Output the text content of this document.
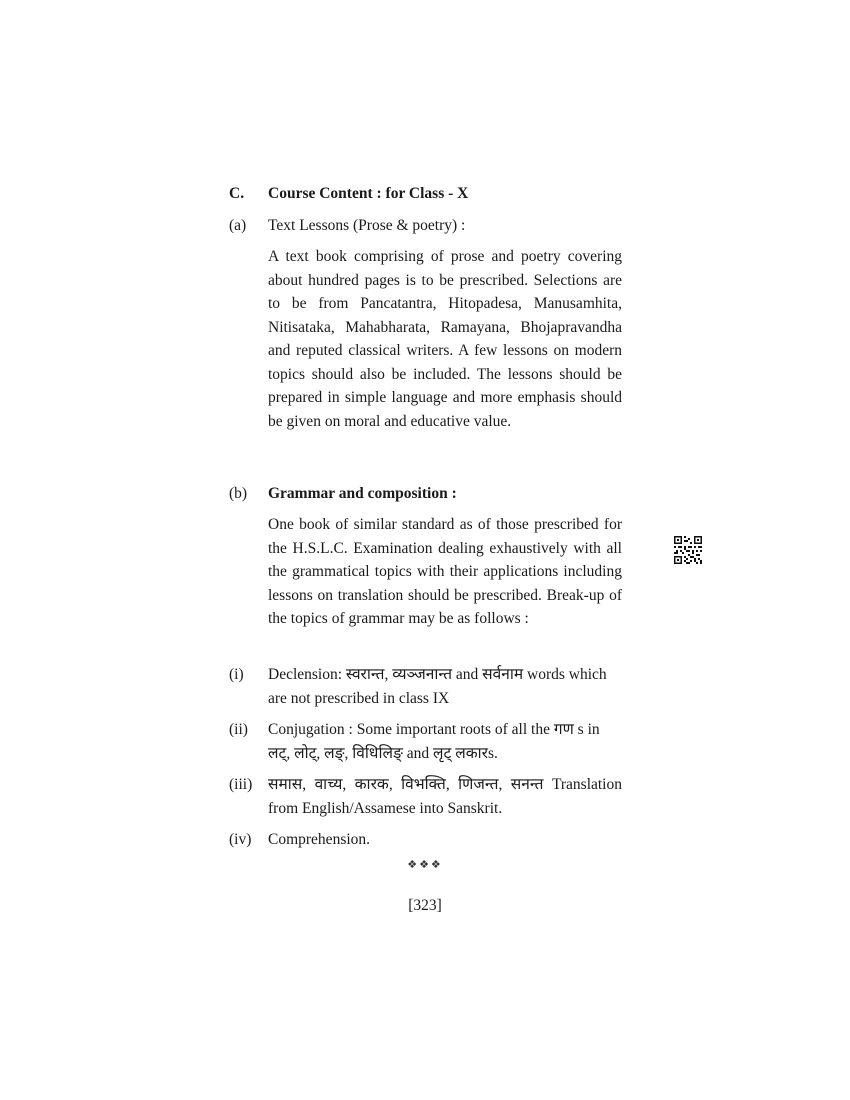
C.	Course Content : for Class - X
(a)	Text Lessons (Prose & poetry) :
A text book comprising of prose and poetry covering about hundred pages is to be prescribed. Selections are to be from Pancatantra, Hitopadesa, Manusamhita, Nitisataka, Mahabharata, Ramayana, Bhojapravandha and reputed classical writers. A few lessons on modern topics should also be included. The lessons should be prepared in simple language and more emphasis should be given on moral and educative value.
(b)	Grammar and composition :
One book of similar standard as of those prescribed for the H.S.L.C. Examination dealing exhaustively with all the grammatical topics with their applications including lessons on translation should be prescribed. Break-up of the topics of grammar may be as follows :
(i)	Declension: स्वरान्त, व्यञ्जनान्त and सर्वनाम words which are not prescribed in class IX
(ii)	Conjugation : Some important roots of all the गण s in लट्, लोट्, लङ्, विधिलिङ् and लृट् लकारs.
(iii)	समास, वाच्य, कारक, विभक्ति, णिजन्त, सनन्त Translation from English/Assamese into Sanskrit.
(iv)	Comprehension.
❖❖❖
[323]
